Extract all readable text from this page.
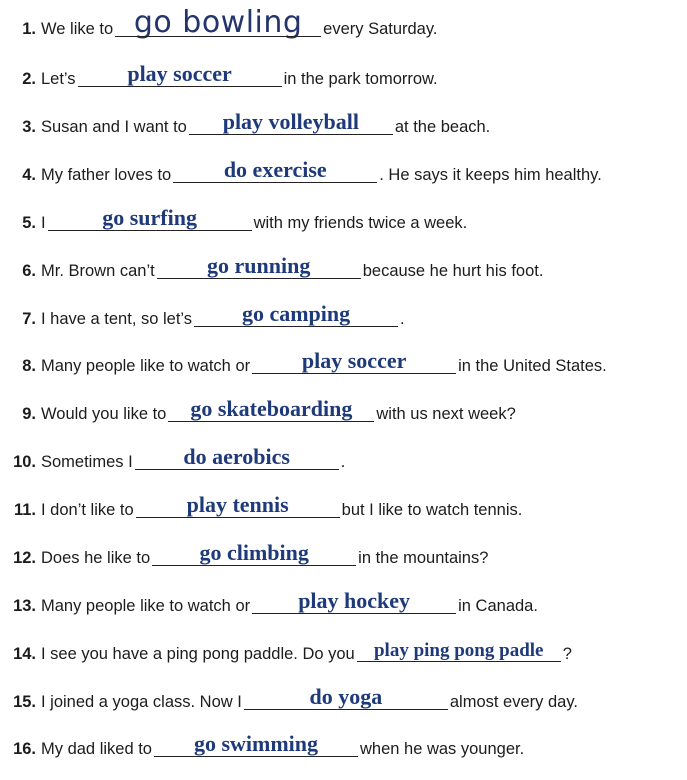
1. We like to go bowling	every Saturday.
2. Let’s	play soccer	in the park tomorrow.
3. Susan and I want to	play volleyball	at the beach.
4. My father loves to	do exercise	. He says it keeps him healthy.
5. I	go surfing	with my friends twice a week.
6. Mr. Brown can’t	go running	because he hurt his foot.
7. I have a tent, so let’s	go camping	.
8. Many people like to watch or	play soccer	in the United States.
9. Would you like to	go skateboarding	with us next week?
10. Sometimes I	do aerobics	.
11. I don’t like to	play tennis	but I like to watch tennis.
12. Does he like to	go climbing	in the mountains?
13. Many people like to watch or	play hockey	in Canada.
14. I see you have a ping pong paddle. Do you	play ping pong padle	?
15. I joined a yoga class. Now I	do yoga	almost every day.
16. My dad liked to	go swimming	when he was younger.
